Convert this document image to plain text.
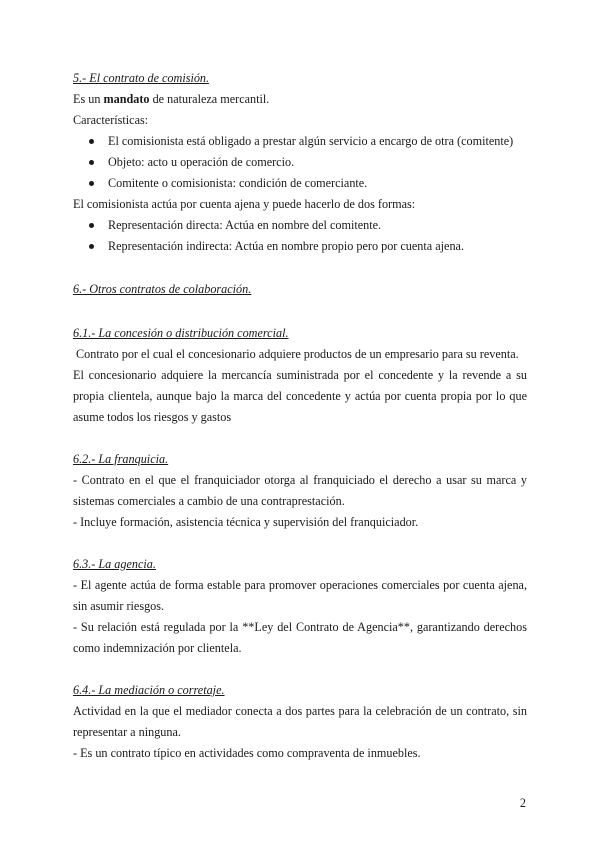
5.- El contrato de comisión.

Es un mandato de naturaleza mercantil.

Características:

El comisionista está obligado a prestar algún servicio a encargo de otra (comitente)
Objeto: acto u operación de comercio.
Comitente o comisionista: condición de comerciante.

El comisionista actúa por cuenta ajena y puede hacerlo de dos formas:

Representación directa: Actúa en nombre del comitente.
Representación indirecta: Actúa en nombre propio pero por cuenta ajena.

6.- Otros contratos de colaboración.

6.1.- La concesión o distribución comercial.

Contrato por el cual el concesionario adquiere productos de un empresario para su reventa.

El concesionario adquiere la mercancía suministrada por el concedente y la revende a su propia clientela, aunque bajo la marca del concedente y actúa por cuenta propia por lo que asume todos los riesgos y gastos

6.2.- La franquicia.

- Contrato en el que el franquiciador otorga al franquiciado el derecho a usar su marca y sistemas comerciales a cambio de una contraprestación.

- Incluye formación, asistencia técnica y supervisión del franquiciador.

6.3.- La agencia.

- El agente actúa de forma estable para promover operaciones comerciales por cuenta ajena, sin asumir riesgos.

- Su relación está regulada por la **Ley del Contrato de Agencia**, garantizando derechos como indemnización por clientela.

6.4.- La mediación o corretaje.

Actividad en la que el mediador conecta a dos partes para la celebración de un contrato, sin representar a ninguna.

- Es un contrato típico en actividades como compraventa de inmuebles.

2
